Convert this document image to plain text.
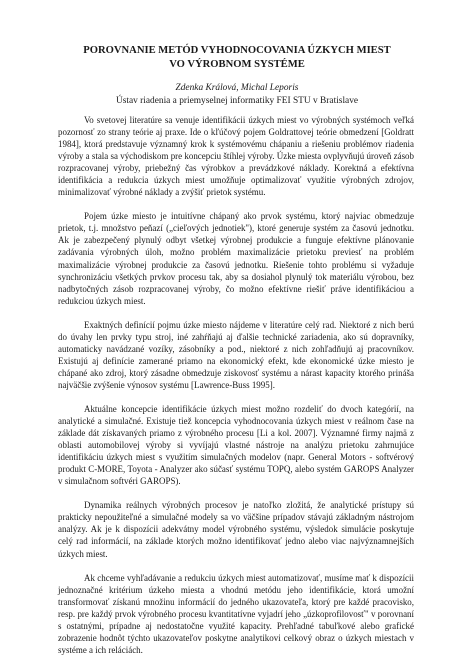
POROVNANIE METÓD VYHODNOCOVANIA ÚZKYCH MIEST
VO VÝROBNOM SYSTÉME
Zdenka Králová, Michal Leporis
Ústav riadenia a priemyselnej informatiky FEI STU v Bratislave

Vo svetovej literatúre sa venuje identifikácii úzkych miest vo výrobných systémoch veľká pozornosť zo strany teórie aj praxe. Ide o kľúčový pojem Goldrattovej teórie obmedzení [Goldratt 1984], ktorá predstavuje významný krok k systémovému chápaniu a riešeniu problémov riadenia výroby a stala sa východiskom pre koncepciu štíhlej výroby. Úzke miesta ovplyvňujú úroveň zásob rozpracovanej výroby, priebežný čas výrobkov a prevádzkové náklady. Korektná a efektívna identifikácia a redukcia úzkych miest umožňuje optimalizovať využitie výrobných zdrojov, minimalizovať výrobné náklady a zvýšiť prietok systému.

Pojem úzke miesto je intuitívne chápaný ako prvok systému, ktorý najviac obmedzuje prietok, t.j. množstvo peňazí („cieľových jednotiek"), ktoré generuje systém za časovú jednotku. Ak je zabezpečený plynulý odbyt všetkej výrobnej produkcie a funguje efektívne plánovanie zadávania výrobných úloh, možno problém maximalizácie prietoku previesť na problém maximalizácie výrobnej produkcie za časovú jednotku. Riešenie tohto problému si vyžaduje synchronizáciu všetkých prvkov procesu tak, aby sa dosiahol plynulý tok materiálu výrobou, bez nadbytočných zásob rozpracovanej výroby, čo možno efektívne riešiť práve identifikáciou a redukciou úzkych miest.

Exaktných definícií pojmu úzke miesto nájdeme v literatúre celý rad. Niektoré z nich berú do úvahy len prvky typu stroj, iné zahŕňajú aj ďalšie technické zariadenia, ako sú dopravníky, automaticky navádzané vozíky, zásobníky a pod., niektoré z nich zohľadňujú aj pracovníkov. Existujú aj definície zamerané priamo na ekonomický efekt, kde ekonomické úzke miesto je chápané ako zdroj, ktorý zásadne obmedzuje ziskovosť systému a nárast kapacity ktorého prináša najväčšie zvýšenie výnosov systému [Lawrence-Buss 1995].

Aktuálne koncepcie identifikácie úzkych miest možno rozdeliť do dvoch kategórií, na analytické a simulačné. Existuje tiež koncepcia vyhodnocovania úzkych miest v reálnom čase na základe dát získavaných priamo z výrobného procesu [Li a kol. 2007]. Významné firmy najmä z oblasti automobilovej výroby si vyvíjajú vlastné nástroje na analýzu prietoku zahrnujúce identifikáciu úzkych miest s využitím simulačných modelov (napr. General Motors - softvérový produkt C-MORE, Toyota - Analyzer ako súčasť systému TOPQ, alebo systém GAROPS Analyzer v simulačnom softvéri GAROPS).

Dynamika reálnych výrobných procesov je natoľko zložitá, že analytické prístupy sú prakticky nepoužiteľné a simulačné modely sa vo väčšine prípadov stávajú základným nástrojom analýzy. Ak je k dispozícii adekvátny model výrobného systému, výsledok simulácie poskytuje celý rad informácií, na základe ktorých možno identifikovať jedno alebo viac najvýznamnejších úzkych miest.

Ak chceme vyhľadávanie a redukciu úzkych miest automatizovať, musíme mať k dispozícii jednoznačné kritérium úzkeho miesta a vhodnú metódu jeho identifikácie, ktorá umožní transformovať získanú množinu informácií do jedného ukazovateľa, ktorý pre každé pracovisko, resp. pre každý prvok výrobného procesu kvantitatívne vyjadrí jeho „úzkoprofilovosť" v porovnaní s ostatnými, prípadne aj nedostatočne využité kapacity. Prehľadné tabuľkové alebo grafické zobrazenie hodnôt týchto ukazovateľov poskytne analytikovi celkový obraz o úzkych miestach v systéme a ich reláciách.
